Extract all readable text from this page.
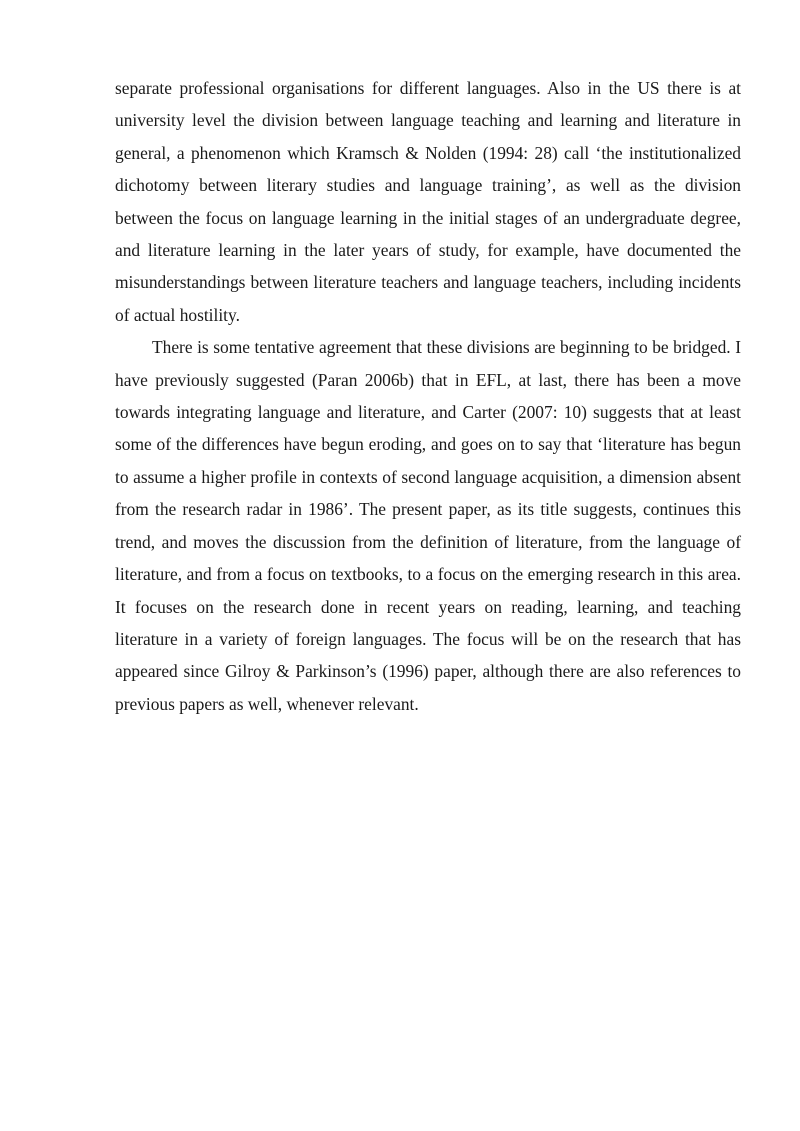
separate professional organisations for different languages. Also in the US there is at university level the division between language teaching and learning and literature in general, a phenomenon which Kramsch & Nolden (1994: 28) call ‘the institutionalized dichotomy between literary studies and language training’, as well as the division between the focus on language learning in the initial stages of an undergraduate degree, and literature learning in the later years of study, for example, have documented the misunderstandings between literature teachers and language teachers, including incidents of actual hostility.

There is some tentative agreement that these divisions are beginning to be bridged. I have previously suggested (Paran 2006b) that in EFL, at last, there has been a move towards integrating language and literature, and Carter (2007: 10) suggests that at least some of the differences have begun eroding, and goes on to say that ‘literature has begun to assume a higher profile in contexts of second language acquisition, a dimension absent from the research radar in 1986’. The present paper, as its title suggests, continues this trend, and moves the discussion from the definition of literature, from the language of literature, and from a focus on textbooks, to a focus on the emerging research in this area. It focuses on the research done in recent years on reading, learning, and teaching literature in a variety of foreign languages. The focus will be on the research that has appeared since Gilroy & Parkinson’s (1996) paper, although there are also references to previous papers as well, whenever relevant.
